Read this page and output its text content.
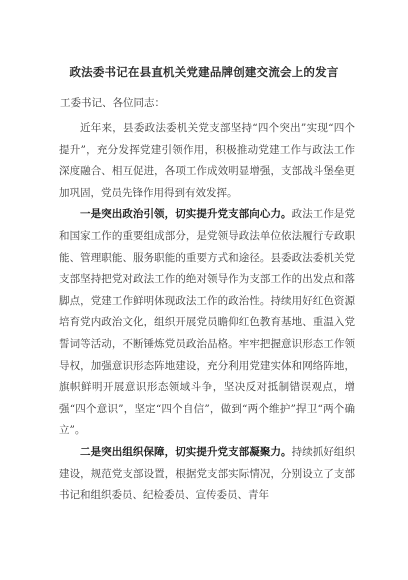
政法委书记在县直机关党建品牌创建交流会上的发言
工委书记、各位同志：

近年来，县委政法委机关党支部坚持“四个突出”实现“四个提升”，充分发挥党建引领作用，积极推动党建工作与政法工作深度融合、相互促进，各项工作成效明显增强，支部战斗堡垒更加巩固，党员先锋作用得到有效发挥。

一是突出政治引领，切实提升党支部向心力。政法工作是党和国家工作的重要组成部分，是党领导政法单位依法履行专政职能、管理职能、服务职能的重要方式和途径。县委政法委机关党支部坚持把党对政法工作的绝对领导作为支部工作的出发点和落脚点，党建工作鲜明体现政法工作的政治性。持续用好红色资源培育党内政治文化，组织开展党员瞻仰红色教育基地、重温入党誓词等活动，不断锤炼党员政治品格。牢牢把握意识形态工作领导权，加强意识形态阵地建设，充分利用党建实体和网络阵地，旗帜鲜明开展意识形态领域斗争，坚决反对抵制错误观点，增强“四个意识”，坚定“四个自信”，做到“两个维护”捍卫“两个确立”。

二是突出组织保障，切实提升党支部凝聚力。持续抓好组织建设，规范党支部设置，根据党支部实际情况，分别设立了支部书记和组织委员、纪检委员、宣传委员、青年
